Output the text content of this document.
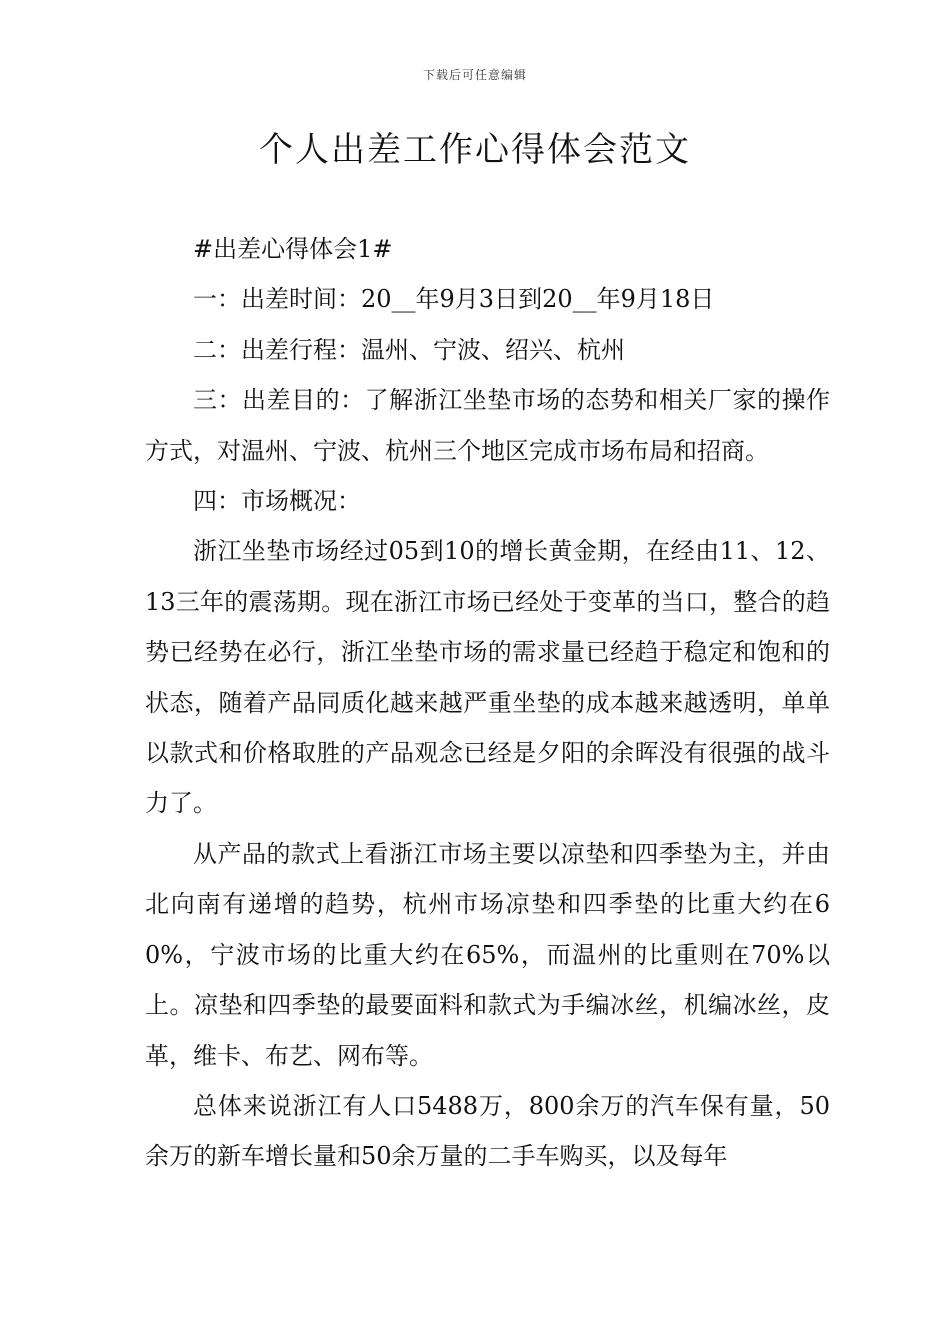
下载后可任意编辑
个人出差工作心得体会范文

#出差心得体会1#

一：出差时间：20__年9月3日到20__年9月18日

二：出差行程：温州、宁波、绍兴、杭州

三：出差目的：了解浙江坐垫市场的态势和相关厂家的操作方式，对温州、宁波、杭州三个地区完成市场布局和招商。

四：市场概况：

浙江坐垫市场经过05到10的增长黄金期，在经由11、12、13三年的震荡期。现在浙江市场已经处于变革的当口，整合的趋势已经势在必行，浙江坐垫市场的需求量已经趋于稳定和饱和的状态，随着产品同质化越来越严重坐垫的成本越来越透明，单单以款式和价格取胜的产品观念已经是夕阳的余晖没有很强的战斗力了。

从产品的款式上看浙江市场主要以凉垫和四季垫为主，并由北向南有递增的趋势，杭州市场凉垫和四季垫的比重大约在60%，宁波市场的比重大约在65%，而温州的比重则在70%以上。凉垫和四季垫的最要面料和款式为手编冰丝，机编冰丝，皮革，维卡、布艺、网布等。

总体来说浙江有人口5488万，800余万的汽车保有量，50余万的新车增长量和50余万量的二手车购买，以及每年
